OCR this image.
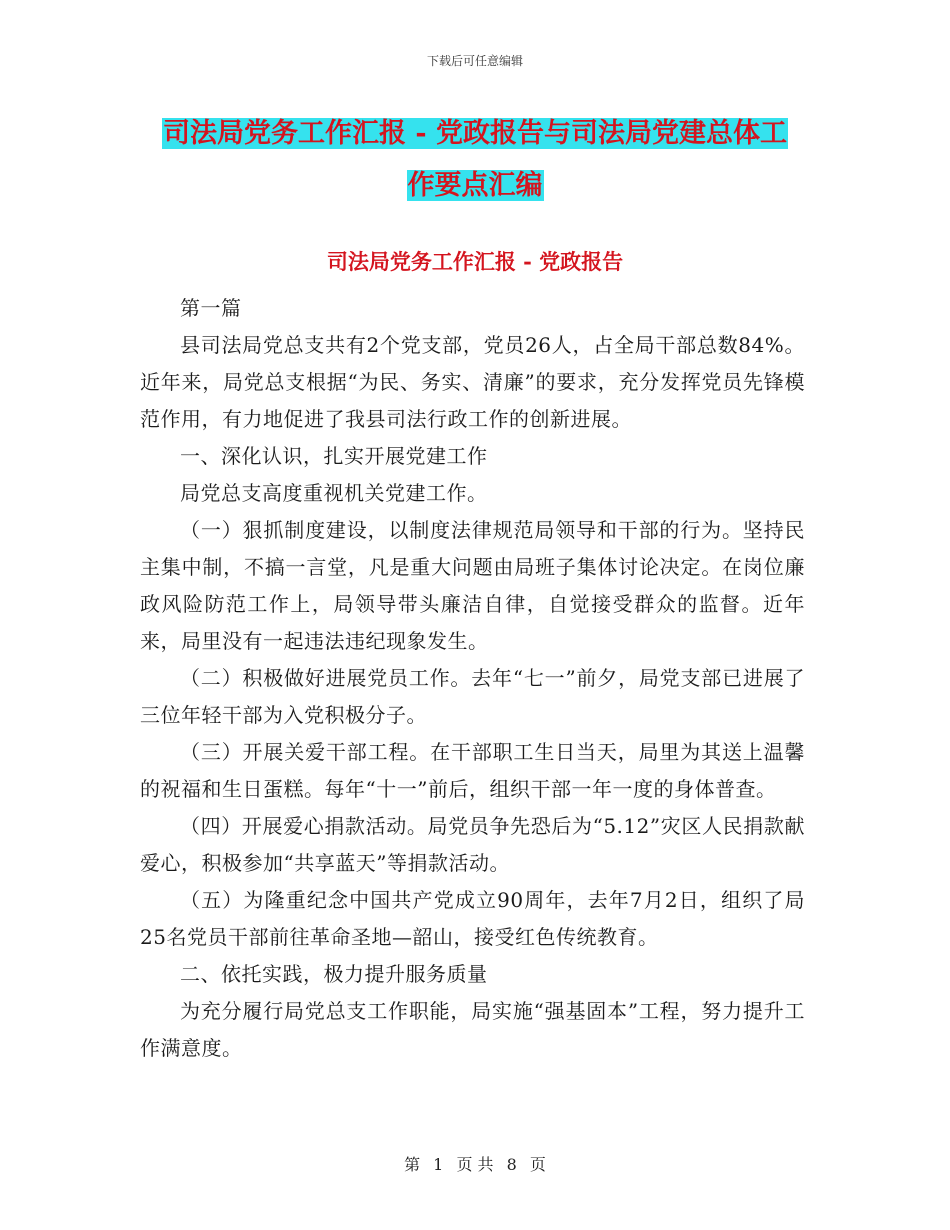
下载后可任意编辑
司法局党务工作汇报 - 党政报告与司法局党建总体工
作要点汇编
司法局党务工作汇报 - 党政报告

第一篇

县司法局党总支共有2个党支部，党员26人，占全局干部总数84%。近年来，局党总支根据“为民、务实、清廉”的要求，充分发挥党员先锋模范作用，有力地促进了我县司法行政工作的创新进展。

一、深化认识，扎实开展党建工作

局党总支高度重视机关党建工作。

（一）狠抓制度建设，以制度法律规范局领导和干部的行为。坚持民主集中制，不搞一言堂，凡是重大问题由局班子集体讨论决定。在岗位廉政风险防范工作上，局领导带头廉洁自律，自觉接受群众的监督。近年来，局里没有一起违法违纪现象发生。

（二）积极做好进展党员工作。去年“七一”前夕，局党支部已进展了三位年轻干部为入党积极分子。

（三）开展关爱干部工程。在干部职工生日当天，局里为其送上温馨的祝福和生日蛋糕。每年“十一”前后，组织干部一年一度的身体普查。

（四）开展爱心捐款活动。局党员争先恐后为“5.12”灾区人民捐款献爱心，积极参加“共享蓝天”等捐款活动。

（五）为隆重纪念中国共产党成立90周年，去年7月2日，组织了局25名党员干部前往革命圣地—韶山，接受红色传统教育。

二、依托实践，极力提升服务质量

为充分履行局党总支工作职能，局实施“强基固本”工程，努力提升工作满意度。

第 1 页 共 8 页
